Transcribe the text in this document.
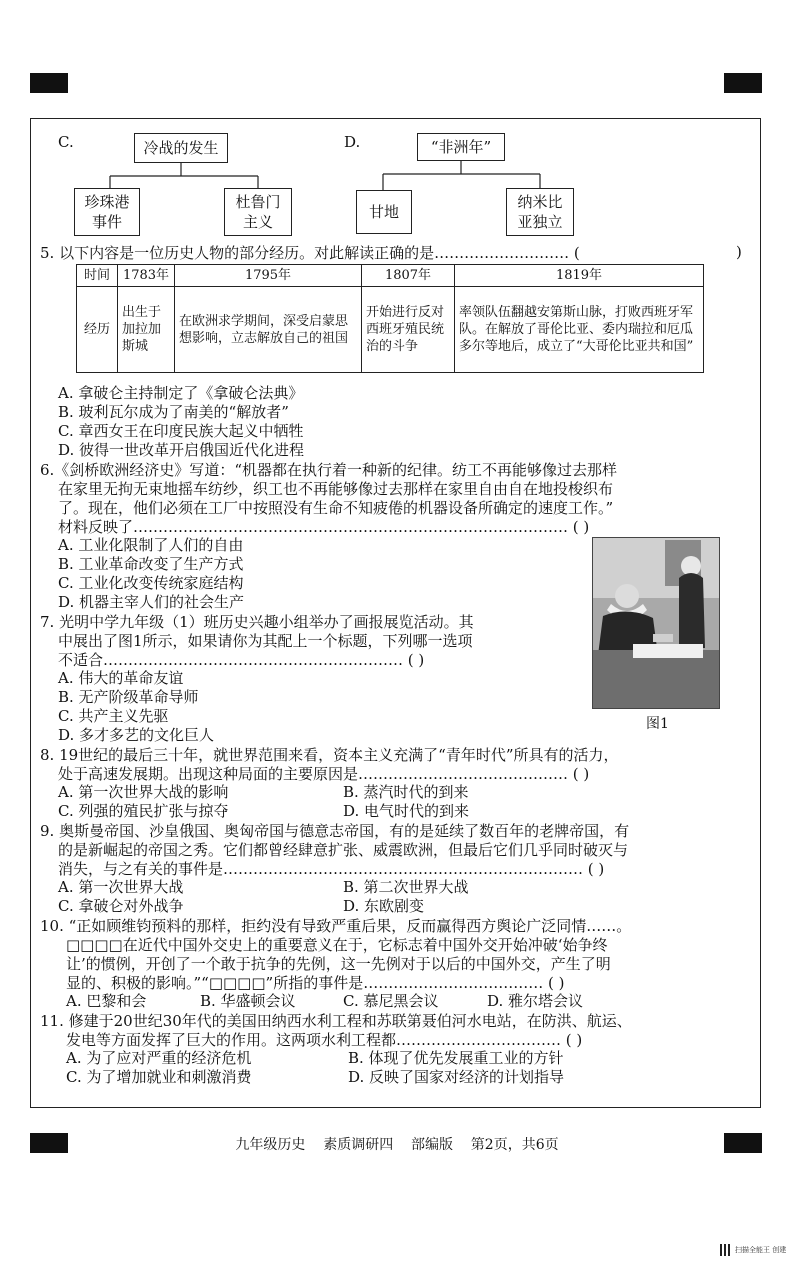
C.	冷战的发生
珍珠港
事件
杜鲁门
主义
D.	“非洲年”
甘地
纳米比
亚独立
5. 以下内容是一位历史人物的部分经历。对此解读正确的是……………………… (	)
时间	1783年	1795年	1807年	1819年
经历	出生于加拉加斯城	在欧洲求学期间，深受启蒙思想影响，立志解放自己的祖国	开始进行反对西班牙殖民统治的斗争	率领队伍翻越安第斯山脉，打败西班牙军队。在解放了哥伦比亚、委内瑞拉和厄瓜多尔等地后，成立了“大哥伦比亚共和国”
A. 拿破仑主持制定了《拿破仑法典》
B. 玻利瓦尔成为了南美的“解放者”
C. 章西女王在印度民族大起义中牺牲
D. 彼得一世改革开启俄国近代化进程
6.《剑桥欧洲经济史》写道：“机器都在执行着一种新的纪律。纺工不再能够像过去那样
在家里无拘无束地摇车纺纱，织工也不再能够像过去那样在家里自由自在地投梭织布
了。现在，他们必须在工厂中按照没有生命不知疲倦的机器设备所确定的速度工作。”
材料反映了…………………………………………………………………………… ( )
A. 工业化限制了人们的自由
B. 工业革命改变了生产方式
C. 工业化改变传统家庭结构
D. 机器主宰人们的社会生产
图1
7. 光明中学九年级（1）班历史兴趣小组举办了画报展览活动。其
中展出了图1所示，如果请你为其配上一个标题，下列哪一选项
不适合…………………………………………………… ( )
A. 伟大的革命友谊
B. 无产阶级革命导师
C. 共产主义先驱
D. 多才多艺的文化巨人
8. 19世纪的最后三十年，就世界范围来看，资本主义充满了“青年时代”所具有的活力，
处于高速发展期。出现这种局面的主要原因是…………………………………… ( )
A. 第一次世界大战的影响	B. 蒸汽时代的到来
C. 列强的殖民扩张与掠夺	D. 电气时代的到来
9. 奥斯曼帝国、沙皇俄国、奥匈帝国与德意志帝国，有的是延续了数百年的老牌帝国，有
的是新崛起的帝国之秀。它们都曾经肆意扩张、威震欧洲，但最后它们几乎同时破灭与
消失，与之有关的事件是……………………………………………………………… ( )
A. 第一次世界大战	B. 第二次世界大战
C. 拿破仑对外战争	D. 东欧剧变
10. “正如顾维钧预料的那样，拒约没有导致严重后果，反而赢得西方舆论广泛同情……。
□□□□在近代中国外交史上的重要意义在于，它标志着中国外交开始冲破‘始争终
让’的惯例，开创了一个敢于抗争的先例，这一先例对于以后的中国外交，产生了明
显的、积极的影响。”“□□□□”所指的事件是……………………………… ( )
A. 巴黎和会	B. 华盛顿会议	C. 慕尼黑会议	D. 雅尔塔会议
11. 修建于20世纪30年代的美国田纳西水利工程和苏联第聂伯河水电站，在防洪、航运、
发电等方面发挥了巨大的作用。这两项水利工程都…………………………… ( )
A. 为了应对严重的经济危机	B. 体现了优先发展重工业的方针
C. 为了增加就业和刺激消费	D. 反映了国家对经济的计划指导
九年级历史    素质调研四    部编版    第2页，共6页
扫描全能王 创建
